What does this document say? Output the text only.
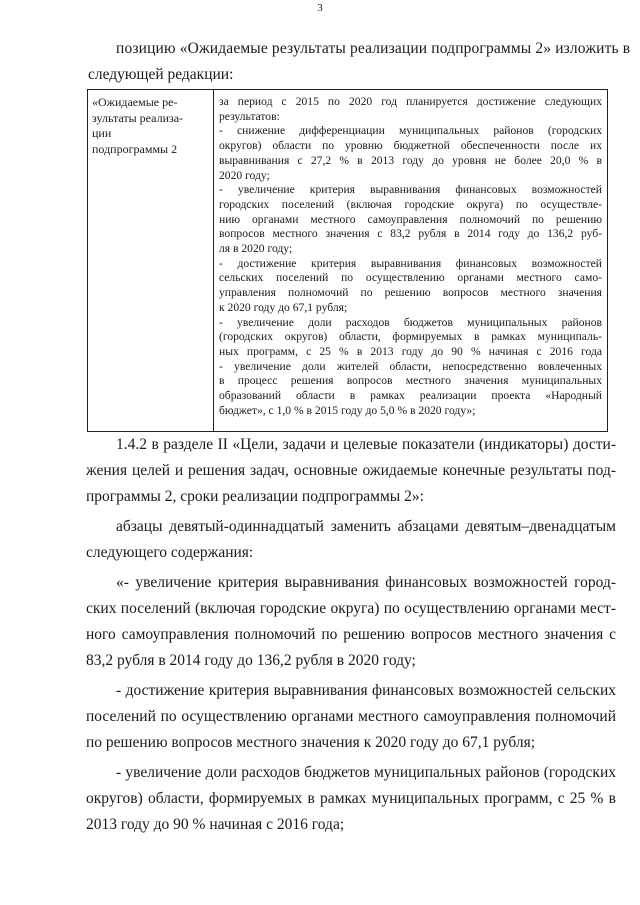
3
позицию «Ожидаемые результаты реализации подпрограммы 2» изложить в
следующей редакции:
«Ожидаемые ре-
зультаты реализа-
ции
подпрограммы 2
за период с 2015 по 2020 год планируется достижение следующих
результатов:
- снижение дифференциации муниципальных районов (городских
округов) области по уровню бюджетной обеспеченности после их
выравнивания с 27,2 % в 2013 году до уровня не более 20,0 % в
2020 году;
- увеличение критерия выравнивания финансовых возможностей
городских поселений (включая городские округа) по осуществле-
нию органами местного самоуправления полномочий по решению
вопросов местного значения с 83,2 рубля в 2014 году до 136,2 руб-
ля в 2020 году;
- достижение критерия выравнивания финансовых возможностей
сельских поселений по осуществлению органами местного само-
управления полномочий по решению вопросов местного значения
к 2020 году до 67,1 рубля;
- увеличение доли расходов бюджетов муниципальных районов
(городских округов) области, формируемых в рамках муниципаль-
ных программ, с 25 % в 2013 году до 90 % начиная с 2016 года
- увеличение доли жителей области, непосредственно вовлеченных
в процесс решения вопросов местного значения муниципальных
образований области в рамках реализации проекта «Народный
бюджет», с 1,0 % в 2015 году до 5,0 % в 2020 году»;
1.4.2 в разделе II «Цели, задачи и целевые показатели (индикаторы) дости-
жения целей и решения задач, основные ожидаемые конечные результаты под-
программы 2, сроки реализации подпрограммы 2»:
абзацы девятый-одиннадцатый заменить абзацами девятым–двенадцатым
следующего содержания:
«- увеличение критерия выравнивания финансовых возможностей город-
ских поселений (включая городские округа) по осуществлению органами мест-
ного самоуправления полномочий по решению вопросов местного значения с
83,2 рубля в 2014 году до 136,2 рубля в 2020 году;
- достижение критерия выравнивания финансовых возможностей сельских
поселений по осуществлению органами местного самоуправления полномочий
по решению вопросов местного значения к 2020 году до 67,1 рубля;
- увеличение доли расходов бюджетов муниципальных районов (городских
округов) области, формируемых в рамках муниципальных программ, с 25 % в
2013 году до 90 % начиная с 2016 года;
